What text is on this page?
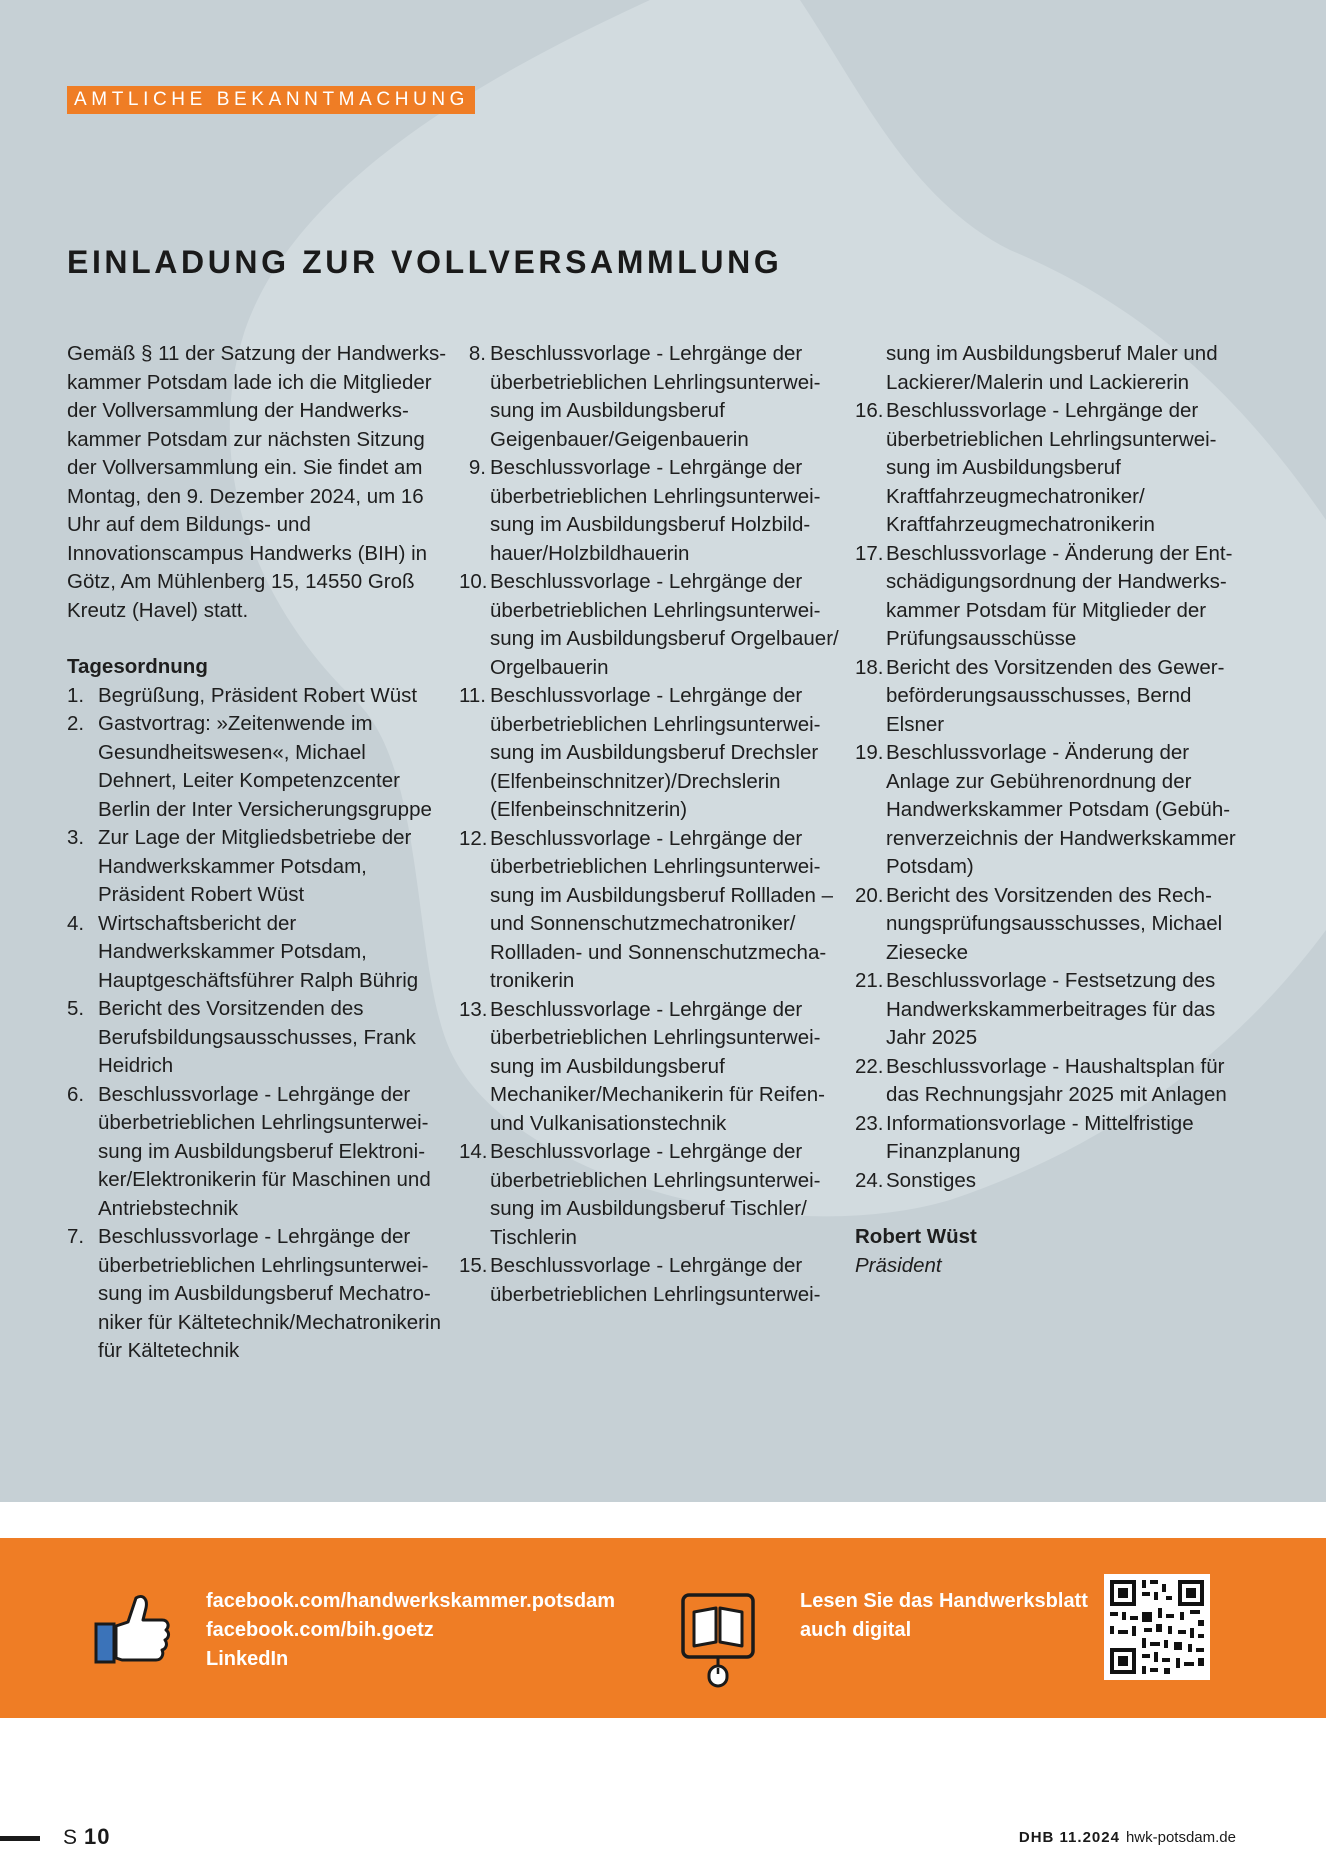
AMTLICHE BEKANNTMACHUNG
EINLADUNG ZUR VOLLVERSAMMLUNG

Gemäß § 11 der Satzung der Handwerkskammer Potsdam lade ich die Mitglieder der Vollversammlung der Handwerkskammer Potsdam zur nächsten Sitzung der Vollversammlung ein. Sie findet am Montag, den 9. Dezember 2024, um 16 Uhr auf dem Bildungs- und Innovationscampus Handwerks (BIH) in Götz, Am Mühlenberg 15, 14550 Groß Kreutz (Havel) statt.

Tagesordnung

1. Begrüßung, Präsident Robert Wüst
2. Gastvortrag: »Zeitenwende im Gesundheitswesen«, Michael Dehnert, Leiter Kompetenzcenter Berlin der Inter Versicherungsgruppe
3. Zur Lage der Mitgliedsbetriebe der Handwerkskammer Potsdam, Präsident Robert Wüst
4. Wirtschaftsbericht der Handwerkskammer Potsdam, Hauptgeschäftsführer Ralph Bührig
5. Bericht des Vorsitzenden des Berufsbildungsausschusses, Frank Heidrich
6. Beschlussvorlage - Lehrgänge der überbetrieblichen Lehrlingsunterweisung im Ausbildungsberuf Elektroniker/Elektronikerin für Maschinen und Antriebstechnik
7. Beschlussvorlage - Lehrgänge der überbetrieblichen Lehrlingsunterweisung im Ausbildungsberuf Mechatroniker für Kältetechnik/Mechatronikerin für Kältetechnik
8. Beschlussvorlage - Lehrgänge der überbetrieblichen Lehrlingsunterweisung im Ausbildungsberuf Geigenbauer/Geigenbauerin
9. Beschlussvorlage - Lehrgänge der überbetrieblichen Lehrlingsunterweisung im Ausbildungsberuf Holzbildhauer/Holzbildhauerin
10. Beschlussvorlage - Lehrgänge der überbetrieblichen Lehrlingsunterweisung im Ausbildungsberuf Orgelbauer/ Orgelbauerin
11. Beschlussvorlage - Lehrgänge der überbetrieblichen Lehrlingsunterweisung im Ausbildungsberuf Drechsler (Elfenbeinschnitzer)/Drechslerin (Elfenbeinschnitzerin)
12. Beschlussvorlage - Lehrgänge der überbetrieblichen Lehrlingsunterweisung im Ausbildungsberuf Rollladen – und Sonnenschutzmechatroniker/ Rollladen- und Sonnenschutzmechatronikerin
13. Beschlussvorlage - Lehrgänge der überbetrieblichen Lehrlingsunterweisung im Ausbildungsberuf Mechaniker/Mechanikerin für Reifen- und Vulkanisationstechnik
14. Beschlussvorlage - Lehrgänge der überbetrieblichen Lehrlingsunterweisung im Ausbildungsberuf Tischler/ Tischlerin
15. Beschlussvorlage - Lehrgänge der überbetrieblichen Lehrlingsunterwei-

sung im Ausbildungsberuf Maler und Lackierer/Malerin und Lackiererin

16. Beschlussvorlage - Lehrgänge der überbetrieblichen Lehrlingsunterweisung im Ausbildungsberuf Kraftfahrzeugmechatroniker/ Kraftfahrzeugmechatronikerin
17. Beschlussvorlage - Änderung der Entschädigungsordnung der Handwerkskammer Potsdam für Mitglieder der Prüfungsausschüsse
18. Bericht des Vorsitzenden des Gewerbeförderungsausschusses, Bernd Elsner
19. Beschlussvorlage - Änderung der Anlage zur Gebührenordnung der Handwerkskammer Potsdam (Gebührenverzeichnis der Handwerkskammer Potsdam)
20. Bericht des Vorsitzenden des Rechnungsprüfungsausschusses, Michael Ziesecke
21. Beschlussvorlage - Festsetzung des Handwerkskammerbeitrages für das Jahr 2025
22. Beschlussvorlage - Haushaltsplan für das Rechnungsjahr 2025 mit Anlagen
23. Informationsvorlage - Mittelfristige Finanzplanung
24. Sonstiges

Robert Wüst

Präsident

facebook.com/handwerkskammer.potsdam
facebook.com/bih.goetz
LinkedIn
Lesen Sie das Handwerksblatt
auch digital
S 10	DHB 11.2024 hwk-potsdam.de
